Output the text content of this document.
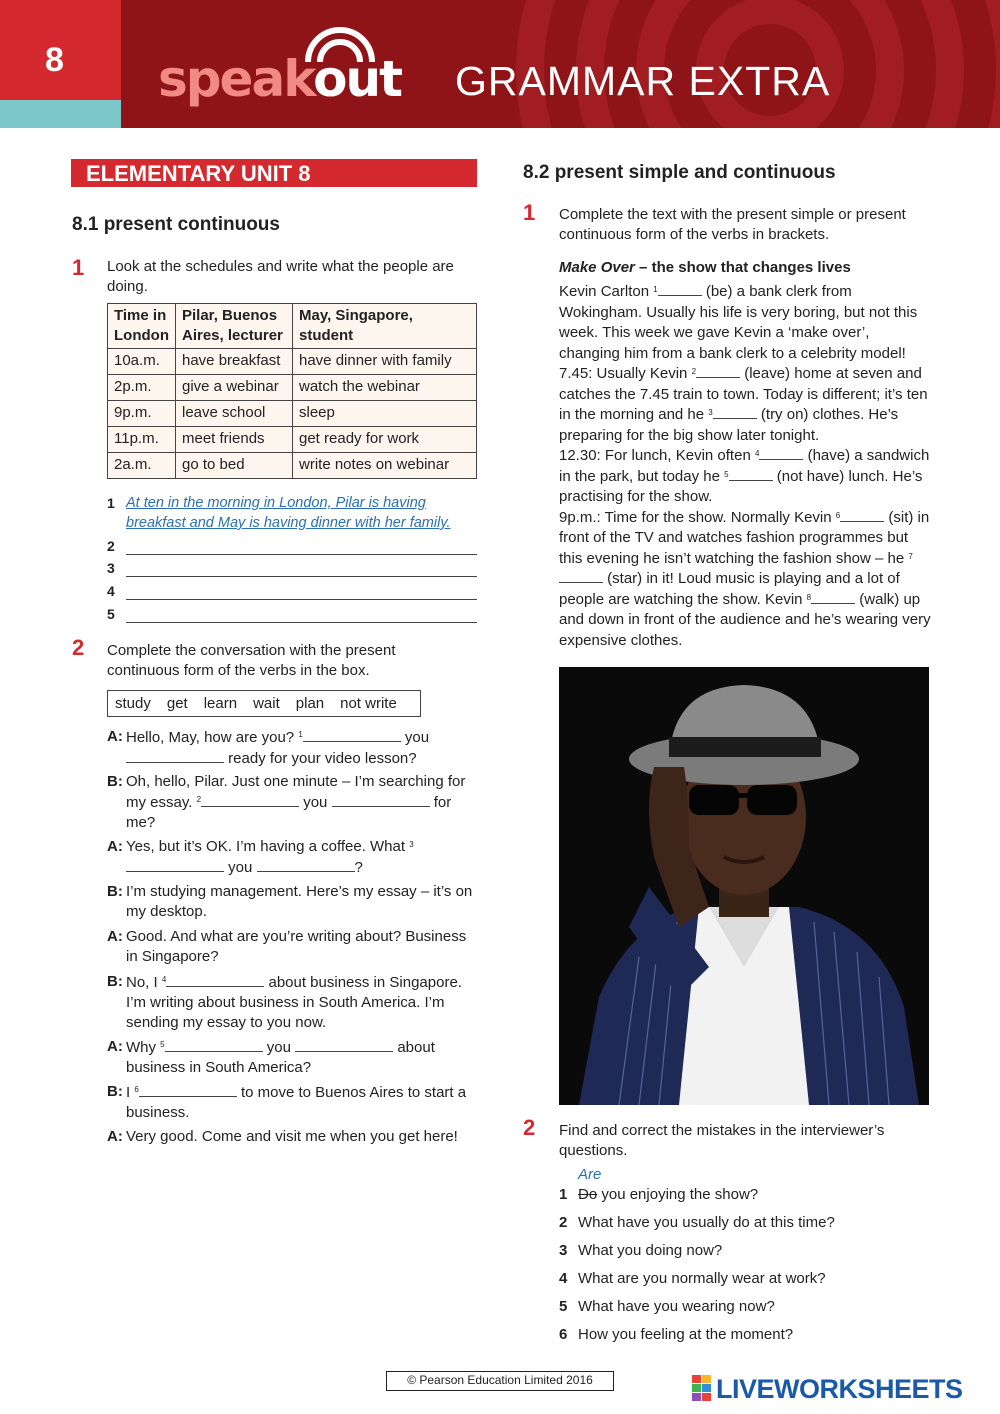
8	speakout GRAMMAR EXTRA
ELEMENTARY UNIT 8
8.1 present continuous
1 Look at the schedules and write what the people are doing.
Time in London	Pilar, Buenos Aires, lecturer	May, Singapore, student
10a.m.	have breakfast	have dinner with family
2p.m.	give a webinar	watch the webinar
9p.m.	leave school	sleep
11p.m.	meet friends	get ready for work
2a.m.	go to bed	write notes on webinar
1 At ten in the morning in London, Pilar is having breakfast and May is having dinner with her family.
2
3
4
5
2 Complete the conversation with the present continuous form of the verbs in the box.
study get learn wait plan not write
A: Hello, May, how are you? $^1$	you  ready for your video lesson?
B: Oh, hello, Pilar. Just one minute – I’m searching for my essay. $^2$	you	for me?
A: Yes, but it’s OK. I’m having a coffee. What $^3$ you	?
B: I’m studying management. Here’s my essay – it’s on my desktop.
A: Good. And what are you’re writing about? Business in Singapore?
B: No, I $^4$	about business in Singapore. I’m writing about business in South America. I’m sending my essay to you now.
A: Why $^5$	you	about business in South America?
B: I $^6$	to move to Buenos Aires to start a business.
A: Very good. Come and visit me when you get here!
8.2 present simple and continuous
1 Complete the text with the present simple or present continuous form of the verbs in brackets.
Make Over – the show that changes lives

Kevin Carlton $^1$	(be) a bank clerk from Wokingham. Usually his life is very boring, but not this week. This week we gave Kevin a ‘make over’, changing him from a bank clerk to a celebrity model!

7.45: Usually Kevin $^2$	(leave) home at seven and catches the 7.45 train to town. Today is different; it’s ten in the morning and he $^3$	(try on) clothes. He’s preparing for the big show later tonight.

12.30: For lunch, Kevin often $^4$	(have) a sandwich in the park, but today he $^5$	(not have) lunch. He’s practising for the show.

9p.m.: Time for the show. Normally Kevin $^6$	(sit) in front of the TV and watches fashion programmes but this evening he isn’t watching the fashion show – he $^7$ (star) in it! Loud music is playing and a lot of people are watching the show. Kevin $^8$	(walk) up and down in front of the audience and he’s wearing very expensive clothes.

2 Find and correct the mistakes in the interviewer’s questions.
Are
1 Do you enjoying the show?
2 What have you usually do at this time?
3 What you doing now?
4 What are you normally wear at work?
5 What have you wearing now?
6 How you feeling at the moment?
© Pearson Education Limited 2016	LIVEWORKSHEETS
